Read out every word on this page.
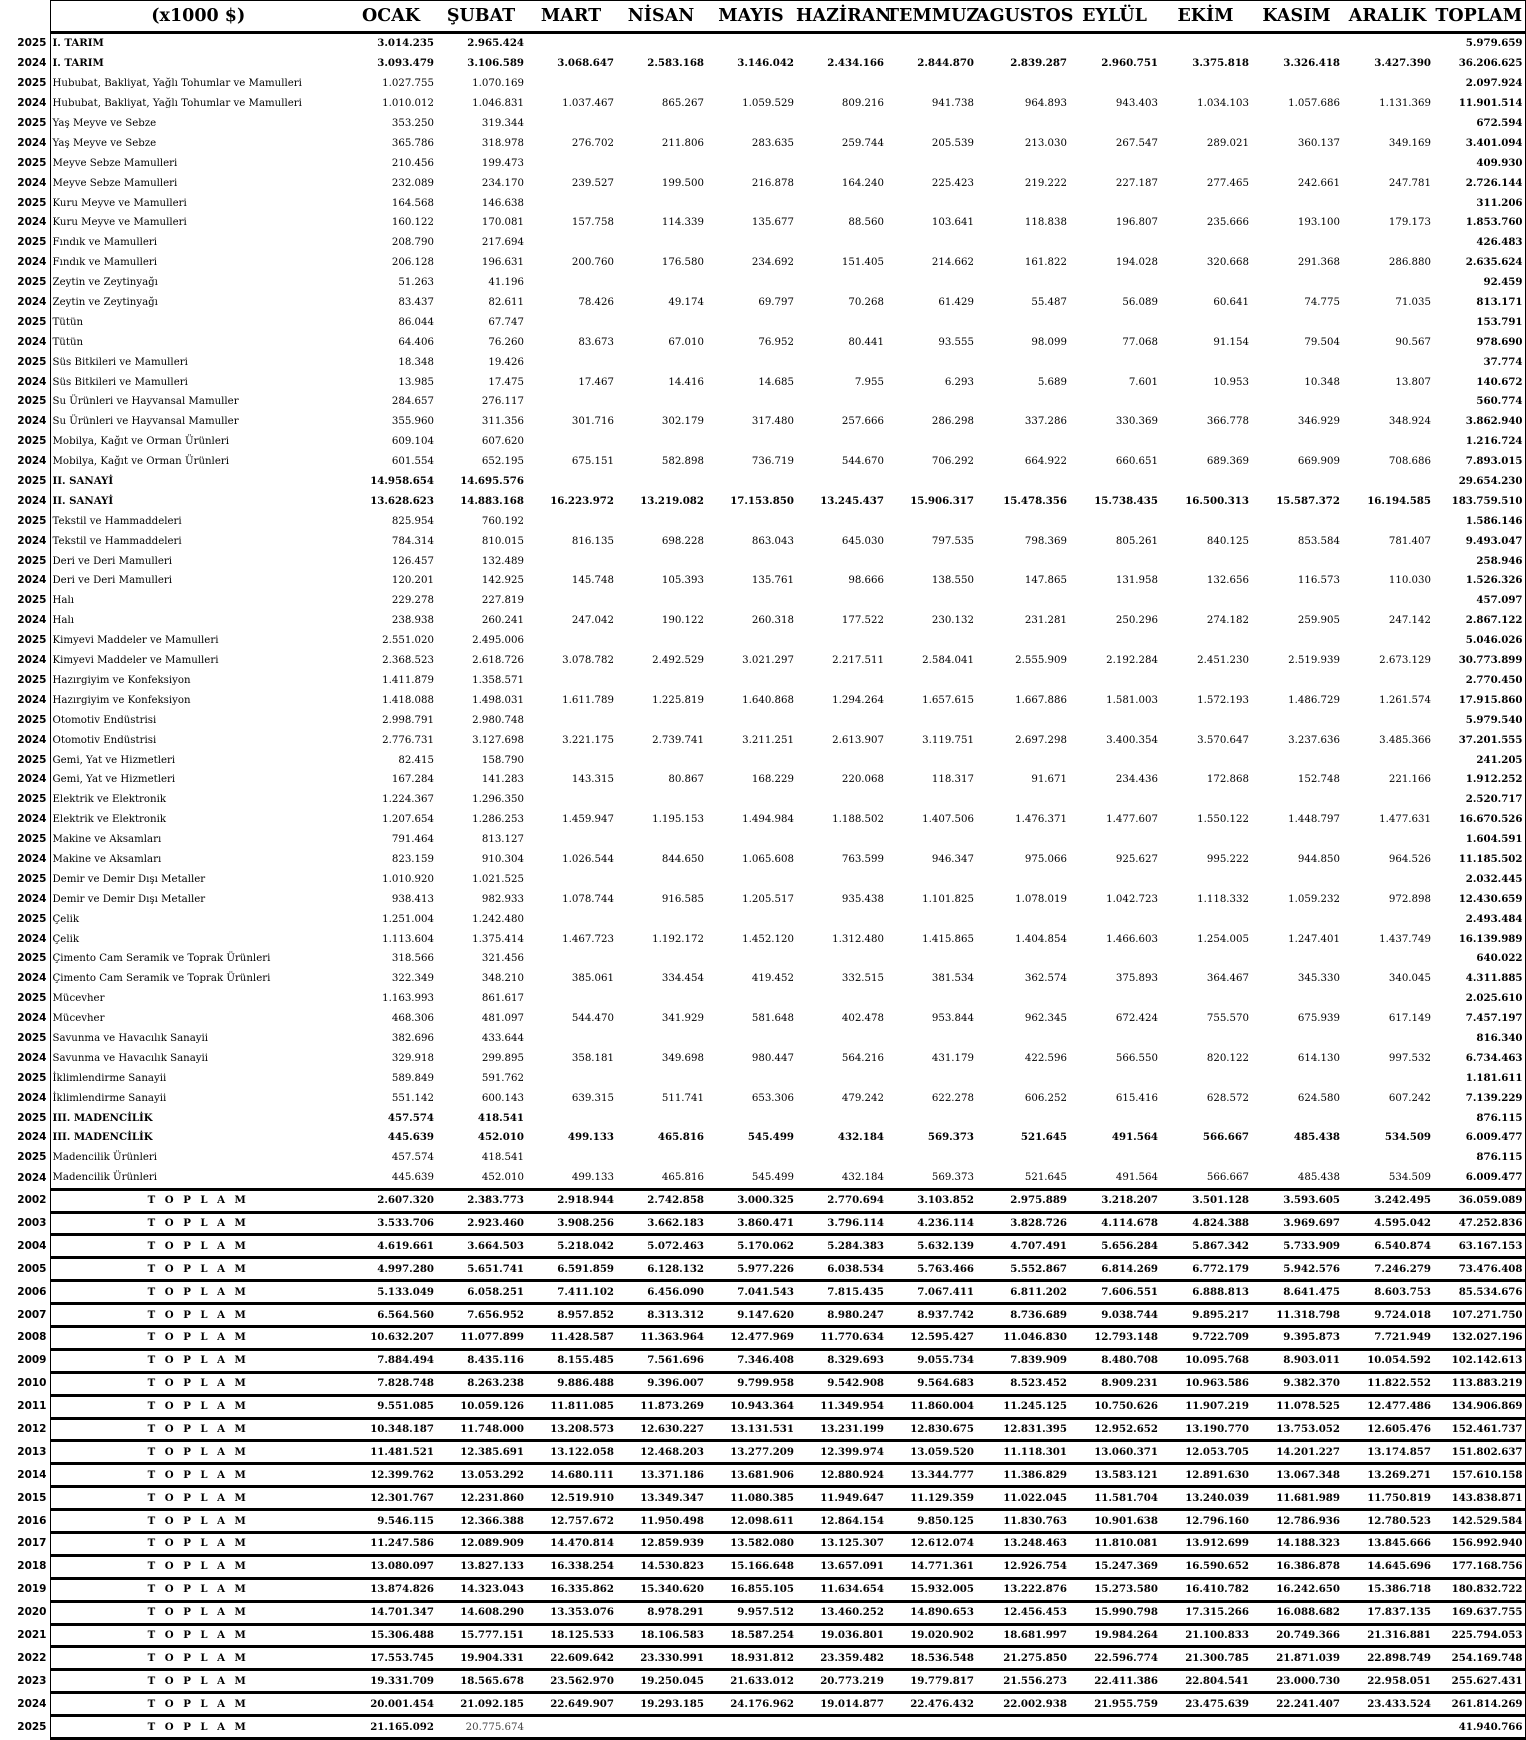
	(x1000 $)	OCAK	ŞUBAT	MART	NİSAN	MAYIS	HAZİRAN	TEMMUZ	AGUSTOS	EYLÜL	EKİM	KASIM	ARALIK	TOPLAM
2025	I. TARIM	3.014.235	2.965.424											5.979.659
2024	I. TARIM	3.093.479	3.106.589	3.068.647	2.583.168	3.146.042	2.434.166	2.844.870	2.839.287	2.960.751	3.375.818	3.326.418	3.427.390	36.206.625
2025	Hububat, Bakliyat, Yağlı Tohumlar ve Mamulleri	1.027.755	1.070.169											2.097.924
2024	Hububat, Bakliyat, Yağlı Tohumlar ve Mamulleri	1.010.012	1.046.831	1.037.467	865.267	1.059.529	809.216	941.738	964.893	943.403	1.034.103	1.057.686	1.131.369	11.901.514
2025	Yaş Meyve ve Sebze	353.250	319.344											672.594
2024	Yaş Meyve ve Sebze	365.786	318.978	276.702	211.806	283.635	259.744	205.539	213.030	267.547	289.021	360.137	349.169	3.401.094
2025	Meyve Sebze Mamulleri	210.456	199.473											409.930
2024	Meyve Sebze Mamulleri	232.089	234.170	239.527	199.500	216.878	164.240	225.423	219.222	227.187	277.465	242.661	247.781	2.726.144
2025	Kuru Meyve ve Mamulleri	164.568	146.638											311.206
2024	Kuru Meyve ve Mamulleri	160.122	170.081	157.758	114.339	135.677	88.560	103.641	118.838	196.807	235.666	193.100	179.173	1.853.760
2025	Fındık ve Mamulleri	208.790	217.694											426.483
2024	Fındık ve Mamulleri	206.128	196.631	200.760	176.580	234.692	151.405	214.662	161.822	194.028	320.668	291.368	286.880	2.635.624
2025	Zeytin ve Zeytinyağı	51.263	41.196											92.459
2024	Zeytin ve Zeytinyağı	83.437	82.611	78.426	49.174	69.797	70.268	61.429	55.487	56.089	60.641	74.775	71.035	813.171
2025	Tütün	86.044	67.747											153.791
2024	Tütün	64.406	76.260	83.673	67.010	76.952	80.441	93.555	98.099	77.068	91.154	79.504	90.567	978.690
2025	Süs Bitkileri ve Mamulleri	18.348	19.426											37.774
2024	Süs Bitkileri ve Mamulleri	13.985	17.475	17.467	14.416	14.685	7.955	6.293	5.689	7.601	10.953	10.348	13.807	140.672
2025	Su Ürünleri ve Hayvansal Mamuller	284.657	276.117											560.774
2024	Su Ürünleri ve Hayvansal Mamuller	355.960	311.356	301.716	302.179	317.480	257.666	286.298	337.286	330.369	366.778	346.929	348.924	3.862.940
2025	Mobilya, Kağıt ve Orman Ürünleri	609.104	607.620											1.216.724
2024	Mobilya, Kağıt ve Orman Ürünleri	601.554	652.195	675.151	582.898	736.719	544.670	706.292	664.922	660.651	689.369	669.909	708.686	7.893.015
2025	II. SANAYİ	14.958.654	14.695.576											29.654.230
2024	II. SANAYİ	13.628.623	14.883.168	16.223.972	13.219.082	17.153.850	13.245.437	15.906.317	15.478.356	15.738.435	16.500.313	15.587.372	16.194.585	183.759.510
2025	Tekstil ve Hammaddeleri	825.954	760.192											1.586.146
2024	Tekstil ve Hammaddeleri	784.314	810.015	816.135	698.228	863.043	645.030	797.535	798.369	805.261	840.125	853.584	781.407	9.493.047
2025	Deri ve Deri Mamulleri	126.457	132.489											258.946
2024	Deri ve Deri Mamulleri	120.201	142.925	145.748	105.393	135.761	98.666	138.550	147.865	131.958	132.656	116.573	110.030	1.526.326
2025	Halı	229.278	227.819											457.097
2024	Halı	238.938	260.241	247.042	190.122	260.318	177.522	230.132	231.281	250.296	274.182	259.905	247.142	2.867.122
2025	Kimyevi Maddeler ve Mamulleri	2.551.020	2.495.006											5.046.026
2024	Kimyevi Maddeler ve Mamulleri	2.368.523	2.618.726	3.078.782	2.492.529	3.021.297	2.217.511	2.584.041	2.555.909	2.192.284	2.451.230	2.519.939	2.673.129	30.773.899
2025	Hazırgiyim ve Konfeksiyon	1.411.879	1.358.571											2.770.450
2024	Hazırgiyim ve Konfeksiyon	1.418.088	1.498.031	1.611.789	1.225.819	1.640.868	1.294.264	1.657.615	1.667.886	1.581.003	1.572.193	1.486.729	1.261.574	17.915.860
2025	Otomotiv Endüstrisi	2.998.791	2.980.748											5.979.540
2024	Otomotiv Endüstrisi	2.776.731	3.127.698	3.221.175	2.739.741	3.211.251	2.613.907	3.119.751	2.697.298	3.400.354	3.570.647	3.237.636	3.485.366	37.201.555
2025	Gemi, Yat ve Hizmetleri	82.415	158.790											241.205
2024	Gemi, Yat ve Hizmetleri	167.284	141.283	143.315	80.867	168.229	220.068	118.317	91.671	234.436	172.868	152.748	221.166	1.912.252
2025	Elektrik ve Elektronik	1.224.367	1.296.350											2.520.717
2024	Elektrik ve Elektronik	1.207.654	1.286.253	1.459.947	1.195.153	1.494.984	1.188.502	1.407.506	1.476.371	1.477.607	1.550.122	1.448.797	1.477.631	16.670.526
2025	Makine ve Aksamları	791.464	813.127											1.604.591
2024	Makine ve Aksamları	823.159	910.304	1.026.544	844.650	1.065.608	763.599	946.347	975.066	925.627	995.222	944.850	964.526	11.185.502
2025	Demir ve Demir Dışı Metaller	1.010.920	1.021.525											2.032.445
2024	Demir ve Demir Dışı Metaller	938.413	982.933	1.078.744	916.585	1.205.517	935.438	1.101.825	1.078.019	1.042.723	1.118.332	1.059.232	972.898	12.430.659
2025	Çelik	1.251.004	1.242.480											2.493.484
2024	Çelik	1.113.604	1.375.414	1.467.723	1.192.172	1.452.120	1.312.480	1.415.865	1.404.854	1.466.603	1.254.005	1.247.401	1.437.749	16.139.989
2025	Çimento Cam Seramik ve Toprak Ürünleri	318.566	321.456											640.022
2024	Çimento Cam Seramik ve Toprak Ürünleri	322.349	348.210	385.061	334.454	419.452	332.515	381.534	362.574	375.893	364.467	345.330	340.045	4.311.885
2025	Mücevher	1.163.993	861.617											2.025.610
2024	Mücevher	468.306	481.097	544.470	341.929	581.648	402.478	953.844	962.345	672.424	755.570	675.939	617.149	7.457.197
2025	Savunma ve Havacılık Sanayii	382.696	433.644											816.340
2024	Savunma ve Havacılık Sanayii	329.918	299.895	358.181	349.698	980.447	564.216	431.179	422.596	566.550	820.122	614.130	997.532	6.734.463
2025	İklimlendirme Sanayii	589.849	591.762											1.181.611
2024	İklimlendirme Sanayii	551.142	600.143	639.315	511.741	653.306	479.242	622.278	606.252	615.416	628.572	624.580	607.242	7.139.229
2025	III. MADENCİLİK	457.574	418.541											876.115
2024	III. MADENCİLİK	445.639	452.010	499.133	465.816	545.499	432.184	569.373	521.645	491.564	566.667	485.438	534.509	6.009.477
2025	Madencilik Ürünleri	457.574	418.541											876.115
2024	Madencilik Ürünleri	445.639	452.010	499.133	465.816	545.499	432.184	569.373	521.645	491.564	566.667	485.438	534.509	6.009.477
2002	T O P L A M	2.607.320	2.383.773	2.918.944	2.742.858	3.000.325	2.770.694	3.103.852	2.975.889	3.218.207	3.501.128	3.593.605	3.242.495	36.059.089
2003	T O P L A M	3.533.706	2.923.460	3.908.256	3.662.183	3.860.471	3.796.114	4.236.114	3.828.726	4.114.678	4.824.388	3.969.697	4.595.042	47.252.836
2004	T O P L A M	4.619.661	3.664.503	5.218.042	5.072.463	5.170.062	5.284.383	5.632.139	4.707.491	5.656.284	5.867.342	5.733.909	6.540.874	63.167.153
2005	T O P L A M	4.997.280	5.651.741	6.591.859	6.128.132	5.977.226	6.038.534	5.763.466	5.552.867	6.814.269	6.772.179	5.942.576	7.246.279	73.476.408
2006	T O P L A M	5.133.049	6.058.251	7.411.102	6.456.090	7.041.543	7.815.435	7.067.411	6.811.202	7.606.551	6.888.813	8.641.475	8.603.753	85.534.676
2007	T O P L A M	6.564.560	7.656.952	8.957.852	8.313.312	9.147.620	8.980.247	8.937.742	8.736.689	9.038.744	9.895.217	11.318.798	9.724.018	107.271.750
2008	T O P L A M	10.632.207	11.077.899	11.428.587	11.363.964	12.477.969	11.770.634	12.595.427	11.046.830	12.793.148	9.722.709	9.395.873	7.721.949	132.027.196
2009	T O P L A M	7.884.494	8.435.116	8.155.485	7.561.696	7.346.408	8.329.693	9.055.734	7.839.909	8.480.708	10.095.768	8.903.011	10.054.592	102.142.613
2010	T O P L A M	7.828.748	8.263.238	9.886.488	9.396.007	9.799.958	9.542.908	9.564.683	8.523.452	8.909.231	10.963.586	9.382.370	11.822.552	113.883.219
2011	T O P L A M	9.551.085	10.059.126	11.811.085	11.873.269	10.943.364	11.349.954	11.860.004	11.245.125	10.750.626	11.907.219	11.078.525	12.477.486	134.906.869
2012	T O P L A M	10.348.187	11.748.000	13.208.573	12.630.227	13.131.531	13.231.199	12.830.675	12.831.395	12.952.652	13.190.770	13.753.052	12.605.476	152.461.737
2013	T O P L A M	11.481.521	12.385.691	13.122.058	12.468.203	13.277.209	12.399.974	13.059.520	11.118.301	13.060.371	12.053.705	14.201.227	13.174.857	151.802.637
2014	T O P L A M	12.399.762	13.053.292	14.680.111	13.371.186	13.681.906	12.880.924	13.344.777	11.386.829	13.583.121	12.891.630	13.067.348	13.269.271	157.610.158
2015	T O P L A M	12.301.767	12.231.860	12.519.910	13.349.347	11.080.385	11.949.647	11.129.359	11.022.045	11.581.704	13.240.039	11.681.989	11.750.819	143.838.871
2016	T O P L A M	9.546.115	12.366.388	12.757.672	11.950.498	12.098.611	12.864.154	9.850.125	11.830.763	10.901.638	12.796.160	12.786.936	12.780.523	142.529.584
2017	T O P L A M	11.247.586	12.089.909	14.470.814	12.859.939	13.582.080	13.125.307	12.612.074	13.248.463	11.810.081	13.912.699	14.188.323	13.845.666	156.992.940
2018	T O P L A M	13.080.097	13.827.133	16.338.254	14.530.823	15.166.648	13.657.091	14.771.361	12.926.754	15.247.369	16.590.652	16.386.878	14.645.696	177.168.756
2019	T O P L A M	13.874.826	14.323.043	16.335.862	15.340.620	16.855.105	11.634.654	15.932.005	13.222.876	15.273.580	16.410.782	16.242.650	15.386.718	180.832.722
2020	T O P L A M	14.701.347	14.608.290	13.353.076	8.978.291	9.957.512	13.460.252	14.890.653	12.456.453	15.990.798	17.315.266	16.088.682	17.837.135	169.637.755
2021	T O P L A M	15.306.488	15.777.151	18.125.533	18.106.583	18.587.254	19.036.801	19.020.902	18.681.997	19.984.264	21.100.833	20.749.366	21.316.881	225.794.053
2022	T O P L A M	17.553.745	19.904.331	22.609.642	23.330.991	18.931.812	23.359.482	18.536.548	21.275.850	22.596.774	21.300.785	21.871.039	22.898.749	254.169.748
2023	T O P L A M	19.331.709	18.565.678	23.562.970	19.250.045	21.633.012	20.773.219	19.779.817	21.556.273	22.411.386	22.804.541	23.000.730	22.958.051	255.627.431
2024	T O P L A M	20.001.454	21.092.185	22.649.907	19.293.185	24.176.962	19.014.877	22.476.432	22.002.938	21.955.759	23.475.639	22.241.407	23.433.524	261.814.269
2025	T O P L A M	21.165.092	20.775.674											41.940.766
